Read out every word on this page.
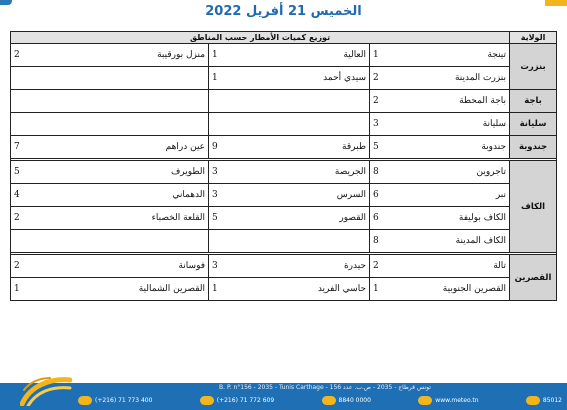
الخميس 21 أفريل 2022
الولاية	توزيع كميات الأمطار حسب المناطق					
بنزرت	تينجة	1	العالية	1	منزل بورقيبة	2
	بنزرت المدينة	2	سيدي أحمد	1		
باجة	باجة المحطة	2				
سليانة	سليانة	3				
جندوبة	جندوبة	5	طبرقة	9	عين دراهم	7

الكاف	تاجروين	8	الجريصة	3	الطويرف	5
	نبر	6	السرس	3	الدهماني	4
	الكاف بوليفة	6	القصور	5	القلعة الخصباء	2
	الكاف المدينة	8				

القصرين	تالة	2	حيدرة	3	فوسانة	2
	القصرين الجنوبية	1	حاسي الفريد	1	القصرين الشمالية	1
B. P. n°156 - 2035 - Tunis Carthage - تونس قرطاج - 2035 - ص.ب. عدد 156
(+216) 71 773 400	(+216) 71 772 609	8840 0000	www.meteo.tn	85012
